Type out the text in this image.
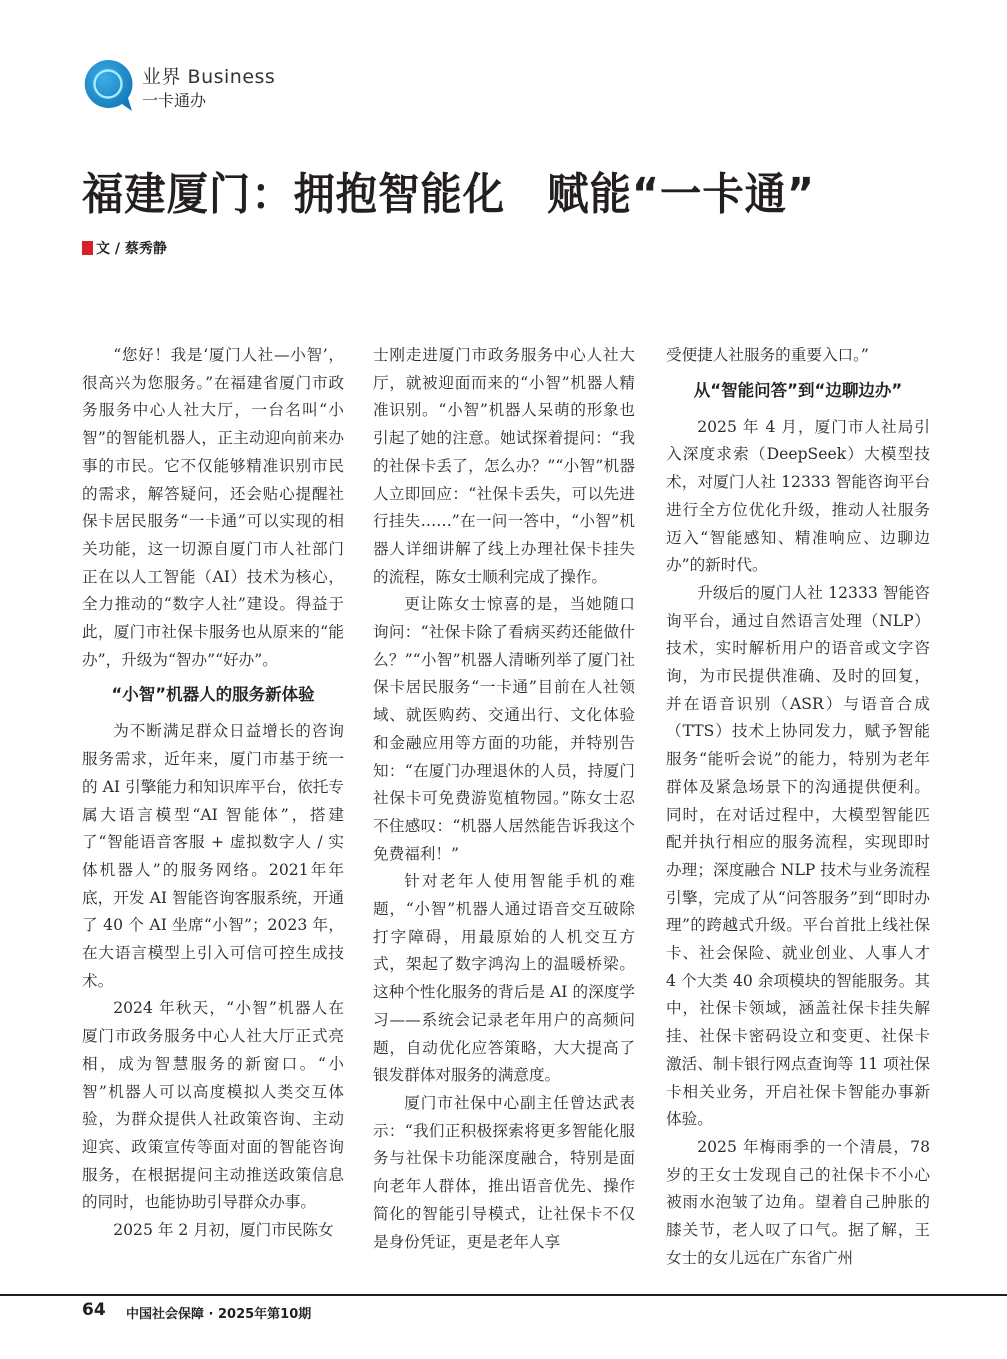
业界 Business
一卡通办
福建厦门：拥抱智能化　赋能“一卡通”
文 / 蔡秀静

“您好！我是‘厦门人社—小智’，很高兴为您服务。”在福建省厦门市政务服务中心人社大厅，一台名叫“小智”的智能机器人，正主动迎向前来办事的市民。它不仅能够精准识别市民的需求，解答疑问，还会贴心提醒社保卡居民服务“一卡通”可以实现的相关功能，这一切源自厦门市人社部门正在以人工智能（AI）技术为核心，全力推动的“数字人社”建设。得益于此，厦门市社保卡服务也从原来的“能办”，升级为“智办”“好办”。

“小智”机器人的服务新体验

为不断满足群众日益增长的咨询服务需求，近年来，厦门市基于统一的 AI 引擎能力和知识库平台，依托专属大语言模型“AI 智能体”，搭建了“智能语音客服 + 虚拟数字人 / 实体机器人”的服务网络。2021年年底，开发 AI 智能咨询客服系统，开通了 40 个 AI 坐席“小智”；2023 年，在大语言模型上引入可信可控生成技术。

2024 年秋天，“小智”机器人在厦门市政务服务中心人社大厅正式亮相，成为智慧服务的新窗口。“小智”机器人可以高度模拟人类交互体验，为群众提供人社政策咨询、主动迎宾、政策宣传等面对面的智能咨询服务，在根据提问主动推送政策信息的同时，也能协助引导群众办事。

2025 年 2 月初，厦门市民陈女

士刚走进厦门市政务服务中心人社大厅，就被迎面而来的“小智”机器人精准识别。“小智”机器人呆萌的形象也引起了她的注意。她试探着提问：“我的社保卡丢了，怎么办？”“小智”机器人立即回应：“社保卡丢失，可以先进行挂失……”在一问一答中，“小智”机器人详细讲解了线上办理社保卡挂失的流程，陈女士顺利完成了操作。

更让陈女士惊喜的是，当她随口询问：“社保卡除了看病买药还能做什么？”“小智”机器人清晰列举了厦门社保卡居民服务“一卡通”目前在人社领域、就医购药、交通出行、文化体验和金融应用等方面的功能，并特别告知：“在厦门办理退休的人员，持厦门社保卡可免费游览植物园。”陈女士忍不住感叹：“机器人居然能告诉我这个免费福利！”

针对老年人使用智能手机的难题，“小智”机器人通过语音交互破除打字障碍，用最原始的人机交互方式，架起了数字鸿沟上的温暖桥梁。这种个性化服务的背后是 AI 的深度学习——系统会记录老年用户的高频问题，自动优化应答策略，大大提高了银发群体对服务的满意度。

厦门市社保中心副主任曾达武表示：“我们正积极探索将更多智能化服务与社保卡功能深度融合，特别是面向老年人群体，推出语音优先、操作简化的智能引导模式，让社保卡不仅是身份凭证，更是老年人享

受便捷人社服务的重要入口。”

从“智能问答”到“边聊边办”

2025 年 4 月，厦门市人社局引入深度求索（DeepSeek）大模型技术，对厦门人社 12333 智能咨询平台进行全方位优化升级，推动人社服务迈入“智能感知、精准响应、边聊边办”的新时代。

升级后的厦门人社 12333 智能咨询平台，通过自然语言处理（NLP）技术，实时解析用户的语音或文字咨询，为市民提供准确、及时的回复，并在语音识别（ASR）与语音合成（TTS）技术上协同发力，赋予智能服务“能听会说”的能力，特别为老年群体及紧急场景下的沟通提供便利。同时，在对话过程中，大模型智能匹配并执行相应的服务流程，实现即时办理；深度融合 NLP 技术与业务流程引擎，完成了从“问答服务”到“即时办理”的跨越式升级。平台首批上线社保卡、社会保险、就业创业、人事人才 4 个大类 40 余项模块的智能服务。其中，社保卡领域，涵盖社保卡挂失解挂、社保卡密码设立和变更、社保卡激活、制卡银行网点查询等 11 项社保卡相关业务，开启社保卡智能办事新体验。

2025 年梅雨季的一个清晨，78 岁的王女士发现自己的社保卡不小心被雨水泡皱了边角。望着自己肿胀的膝关节，老人叹了口气。据了解，王女士的女儿远在广东省广州

64 中国社会保障 · 2025年第10期
